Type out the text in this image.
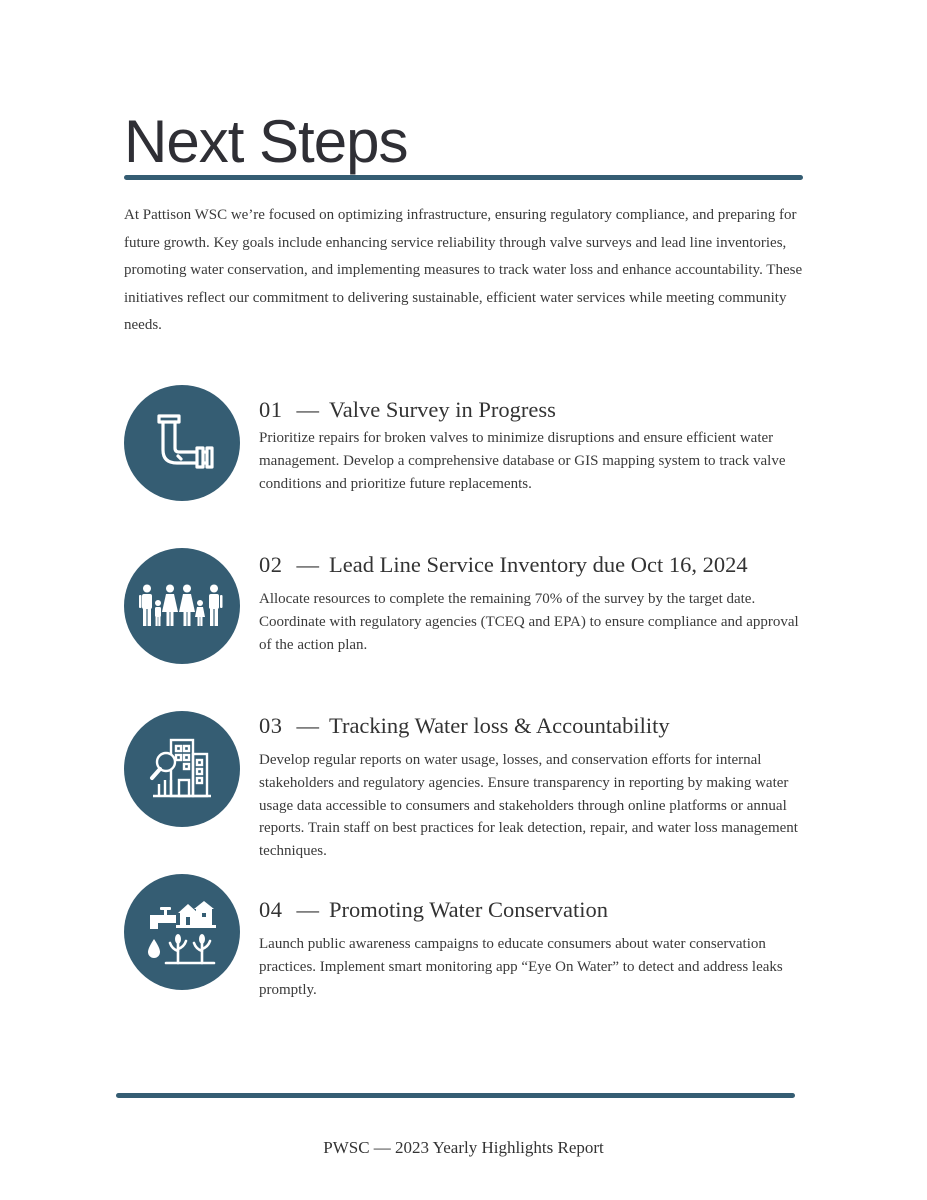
Next Steps

At Pattison WSC we’re focused on optimizing infrastructure, ensuring regulatory compliance, and preparing for future growth. Key goals include enhancing service reliability through valve surveys and lead line inventories, promoting water conservation, and implementing measures to track water loss and enhance accountability. These initiatives reflect our commitment to delivering sustainable, efficient water services while meeting community needs.

01 — Valve Survey in Progress

Prioritize repairs for broken valves to minimize disruptions and ensure efficient water management. Develop a comprehensive database or GIS mapping system to track valve conditions and prioritize future replacements.

02 — Lead Line Service Inventory due Oct 16, 2024

Allocate resources to complete the remaining 70% of the survey by the target date. Coordinate with regulatory agencies (TCEQ and EPA) to ensure compliance and approval of the action plan.

03 — Tracking Water loss & Accountability

Develop regular reports on water usage, losses, and conservation efforts for internal stakeholders and regulatory agencies. Ensure transparency in reporting by making water usage data accessible to consumers and stakeholders through online platforms or annual reports. Train staff on best practices for leak detection, repair, and water loss management techniques.

04 — Promoting Water Conservation

Launch public awareness campaigns to educate consumers about water conservation practices. Implement smart monitoring app “Eye On Water” to detect and address leaks promptly.

PWSC — 2023 Yearly Highlights Report
